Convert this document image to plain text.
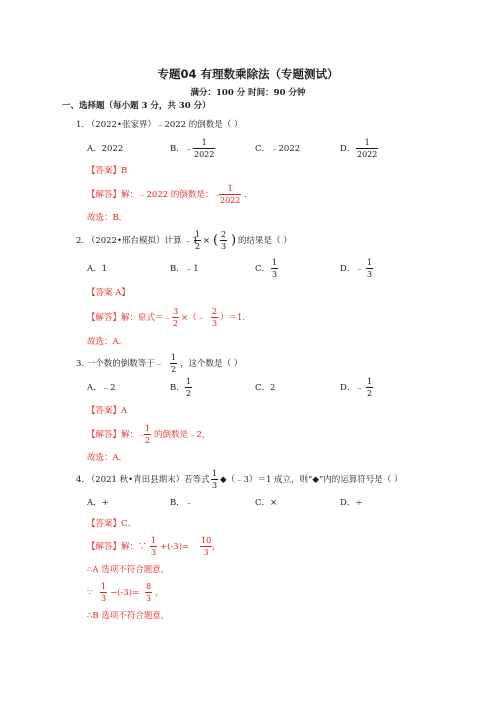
专题04 有理数乘除法（专题测试）
满分：100 分 时间：90 分钟
一、选择题（每小题 3 分，共 30 分）
1. （2022•张家界）﹣2022 的倒数是（ ）
A．2022	B．﹣
1
2022
C．﹣2022	D．
1
2022
【答案】B
【解答】解：﹣2022 的倒数是：﹣
1
2022
．
故选：B．
2. （2022•邢台模拟）计算 ﹣1
1
2
× ( 2
3 ) 的结果是（ ）
A．1	B．﹣1	C．
1
3
D．﹣
1
3
【答案 A】
【解答】解：原式＝﹣
3
2
×（﹣
2
3
）＝1．
故选：A．
3. 一个数的倒数等于﹣
1
2
，这个数是（ ）
A．﹣2	B．
1
2
C．2	D．﹣
1
2
【答案】A
【解答】解：﹣
1
2
的倒数是﹣2，
故选：A．
4. （2021 秋•青田县期末）若等式
1
3
◆（﹣3）＝1 成立，则“◆”内的运算符号是（ ）
A．+	B．﹣	C．×	D．÷
【答案】C。
【解答】解：∵
1
3
+(-3)=
10
3
，
∴A 选项不符合题意，
∵
1
3
−(-3)=
8
3
，
∴B 选项不符合题意，
